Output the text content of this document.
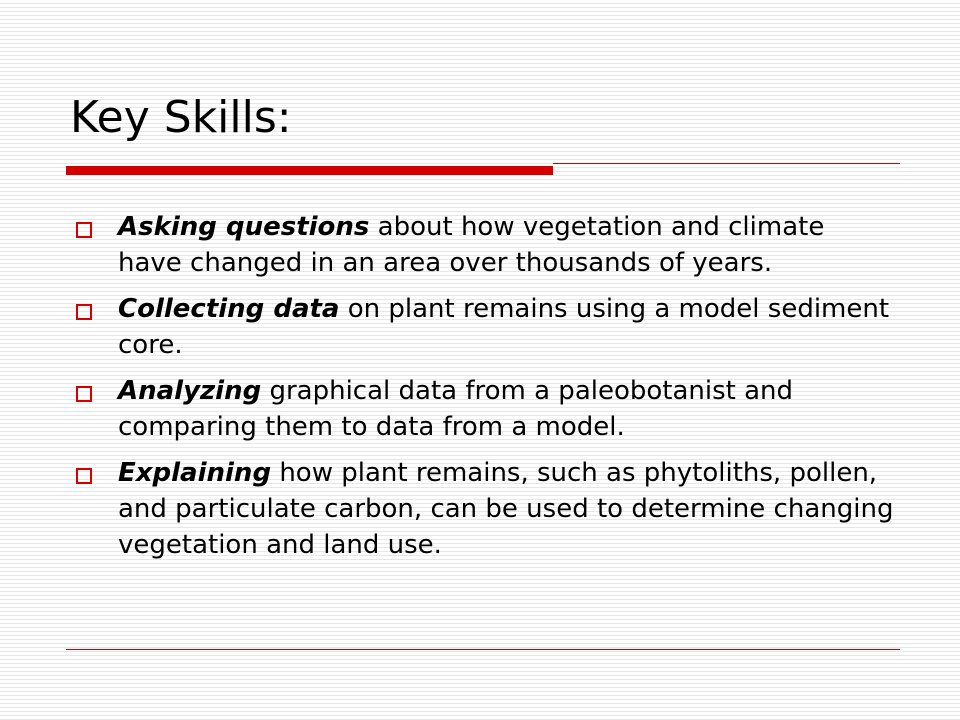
Key Skills:
Asking questions about how vegetation and climate have changed in an area over thousands of years.
Collecting data on plant remains using a model sediment core.
Analyzing graphical data from a paleobotanist and comparing them to data from a model.
Explaining how plant remains, such as phytoliths, pollen, and particulate carbon, can be used to determine changing vegetation and land use.
